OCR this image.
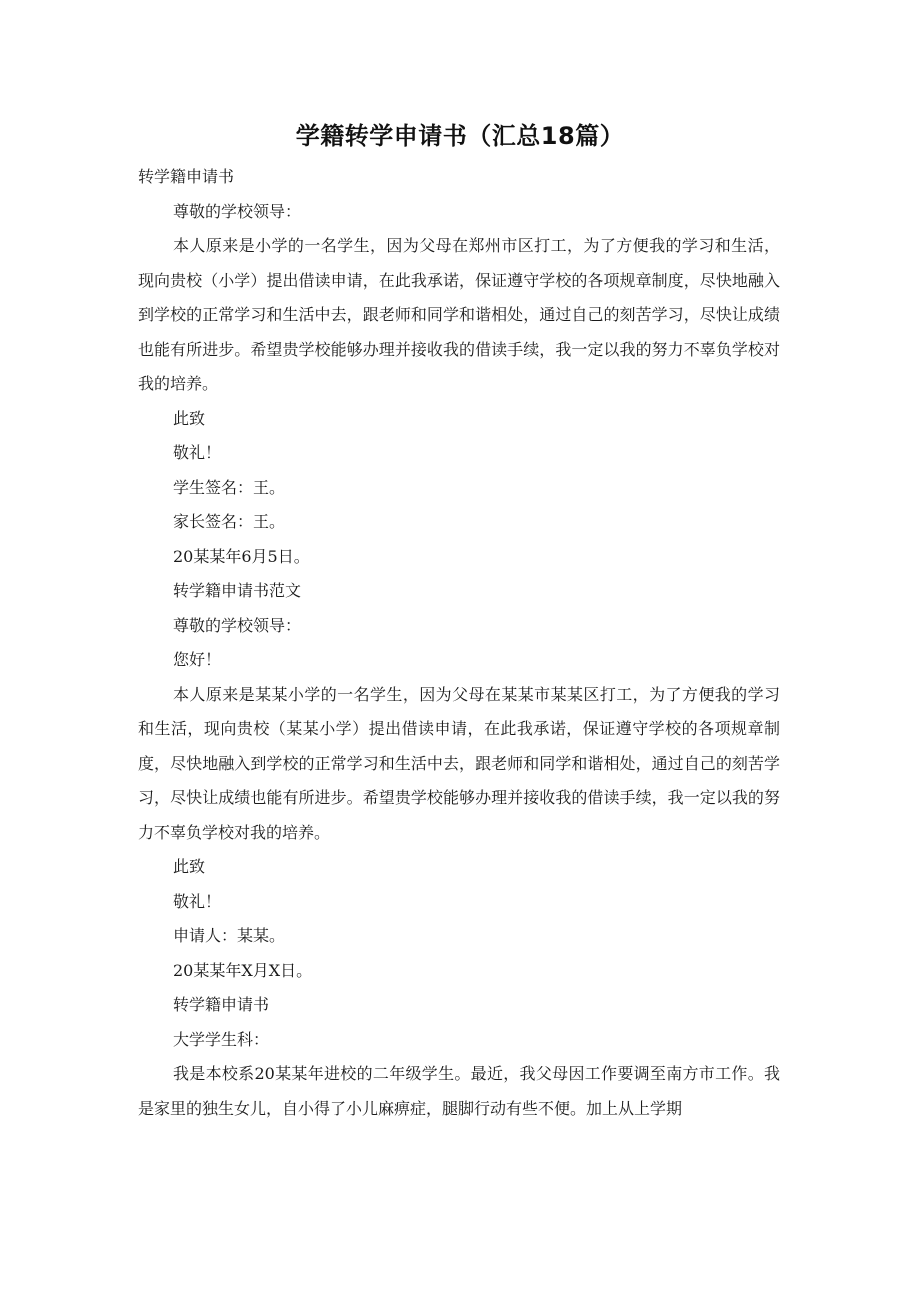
学籍转学申请书（汇总18篇）
转学籍申请书
尊敬的学校领导：

本人原来是小学的一名学生，因为父母在郑州市区打工，为了方便我的学习和生活，现向贵校（小学）提出借读申请，在此我承诺，保证遵守学校的各项规章制度，尽快地融入到学校的正常学习和生活中去，跟老师和同学和谐相处，通过自己的刻苦学习，尽快让成绩也能有所进步。希望贵学校能够办理并接收我的借读手续，我一定以我的努力不辜负学校对我的培养。

此致
敬礼！
学生签名：王。
家长签名：王。
20某某年6月5日。
转学籍申请书范文
尊敬的学校领导：
您好！

本人原来是某某小学的一名学生，因为父母在某某市某某区打工，为了方便我的学习和生活，现向贵校（某某小学）提出借读申请，在此我承诺，保证遵守学校的各项规章制度，尽快地融入到学校的正常学习和生活中去，跟老师和同学和谐相处，通过自己的刻苦学习，尽快让成绩也能有所进步。希望贵学校能够办理并接收我的借读手续，我一定以我的努力不辜负学校对我的培养。

此致
敬礼！
申请人：某某。
20某某年X月X日。
转学籍申请书
大学学生科：

我是本校系20某某年进校的二年级学生。最近，我父母因工作要调至南方市工作。我是家里的独生女儿，自小得了小儿麻痹症，腿脚行动有些不便。加上从上学期
